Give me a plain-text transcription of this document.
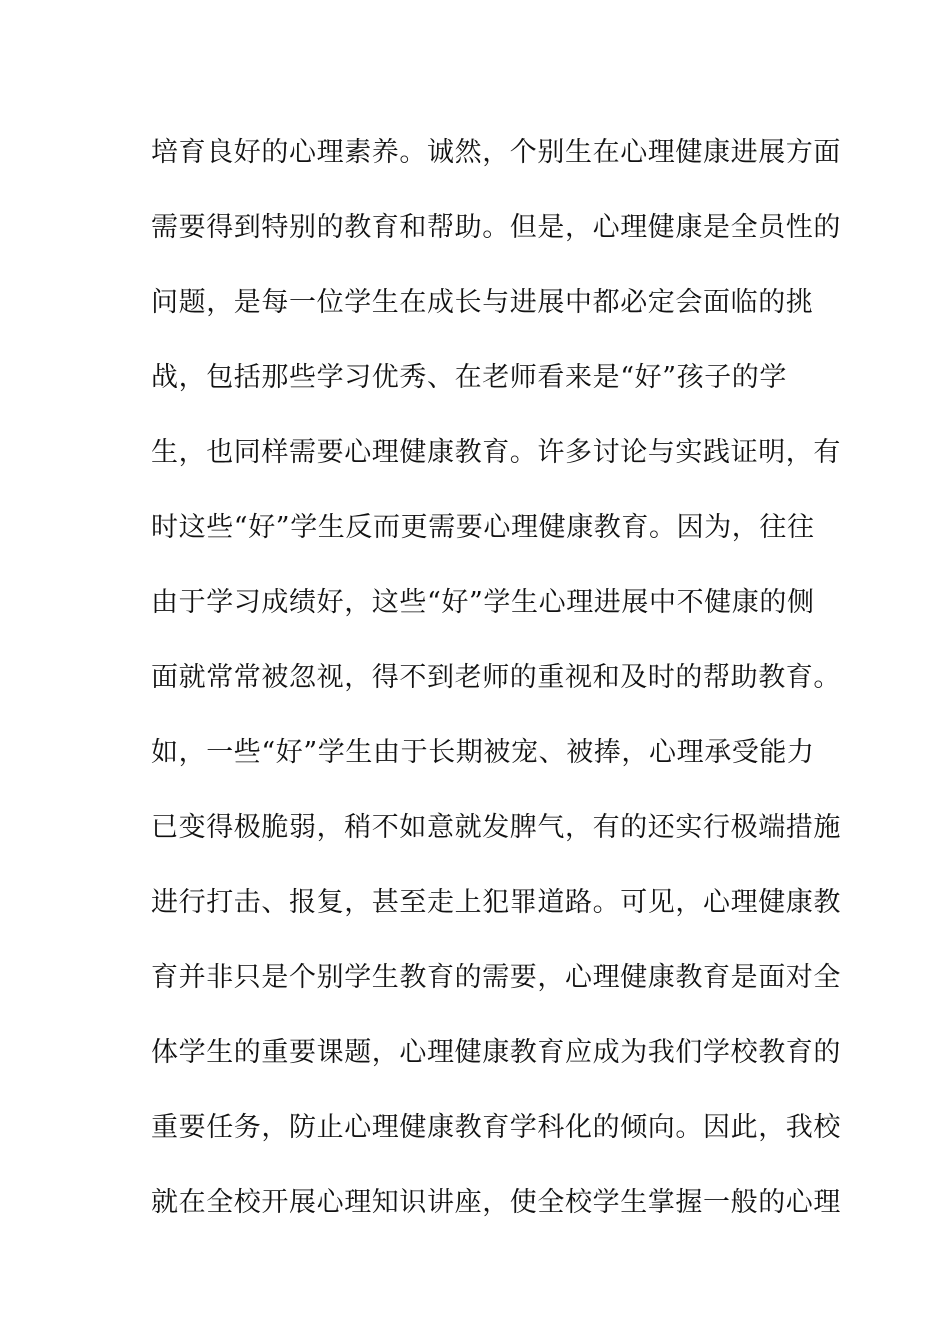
培育良好的心理素养。诚然，个别生在心理健康进展方面
需要得到特别的教育和帮助。但是，心理健康是全员性的
问题，是每一位学生在成长与进展中都必定会面临的挑
战，包括那些学习优秀、在老师看来是“好”孩子的学
生，也同样需要心理健康教育。许多讨论与实践证明，有
时这些“好”学生反而更需要心理健康教育。因为，往往
由于学习成绩好，这些“好”学生心理进展中不健康的侧
面就常常被忽视，得不到老师的重视和及时的帮助教育。
如，一些“好”学生由于长期被宠、被捧，心理承受能力
已变得极脆弱，稍不如意就发脾气，有的还实行极端措施
进行打击、报复，甚至走上犯罪道路。可见，心理健康教
育并非只是个别学生教育的需要，心理健康教育是面对全
体学生的重要课题，心理健康教育应成为我们学校教育的
重要任务，防止心理健康教育学科化的倾向。因此，我校
就在全校开展心理知识讲座，使全校学生掌握一般的心理
